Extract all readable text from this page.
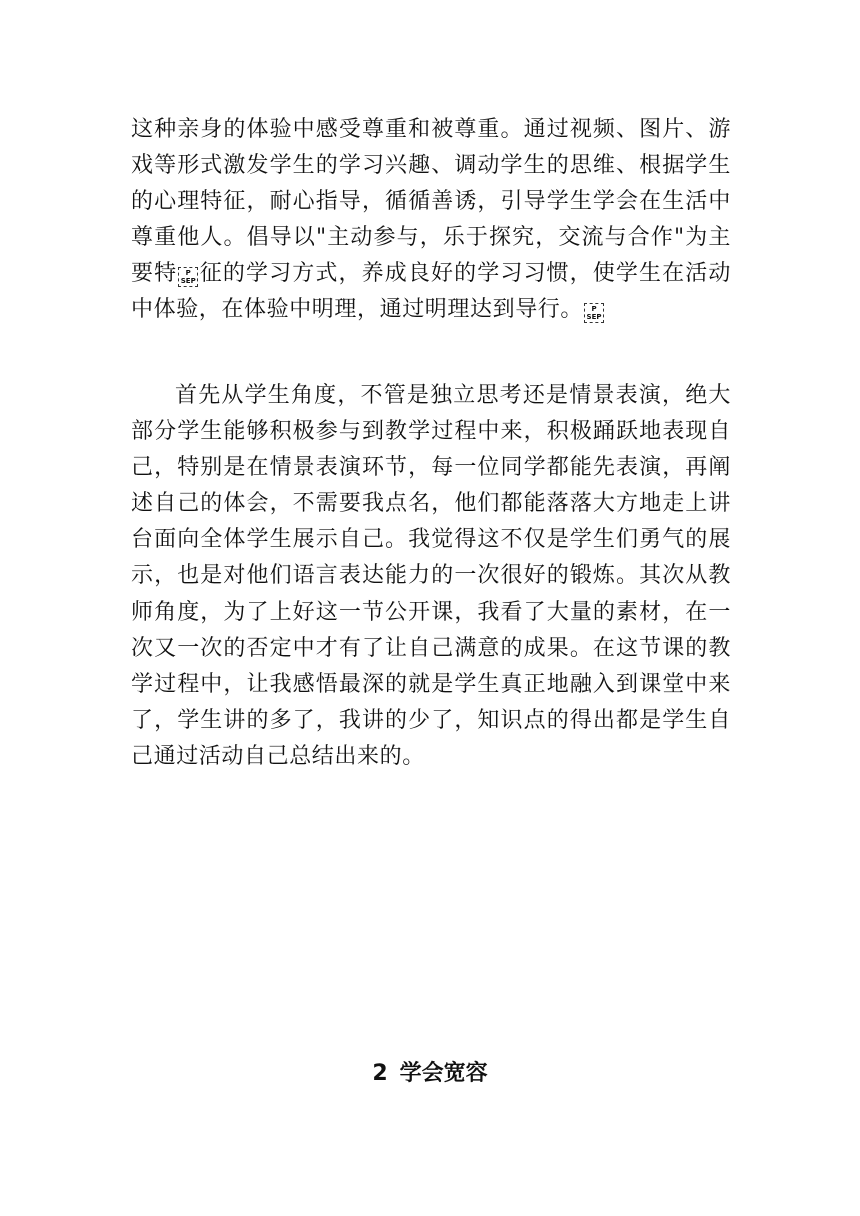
这种亲身的体验中感受尊重和被尊重。通过视频、图片、游戏等形式激发学生的学习兴趣、调动学生的思维、根据学生的心理特征，耐心指导，循循善诱，引导学生学会在生活中尊重他人。倡导以"主动参与，乐于探究，交流与合作"为主要特 P
SEP 征的学习方式，养成良好的学习习惯，使学生在活动中体验，在体验中明理，通过明理达到导行。 P
SEP

首先从学生角度，不管是独立思考还是情景表演，绝大部分学生能够积极参与到教学过程中来，积极踊跃地表现自己，特别是在情景表演环节，每一位同学都能先表演，再阐述自己的体会，不需要我点名，他们都能落落大方地走上讲台面向全体学生展示自己。我觉得这不仅是学生们勇气的展示，也是对他们语言表达能力的一次很好的锻炼。其次从教师角度，为了上好这一节公开课，我看了大量的素材，在一次又一次的否定中才有了让自己满意的成果。在这节课的教学过程中，让我感悟最深的就是学生真正地融入到课堂中来了，学生讲的多了，我讲的少了，知识点的得出都是学生自己通过活动自己总结出来的。

2 学会宽容
